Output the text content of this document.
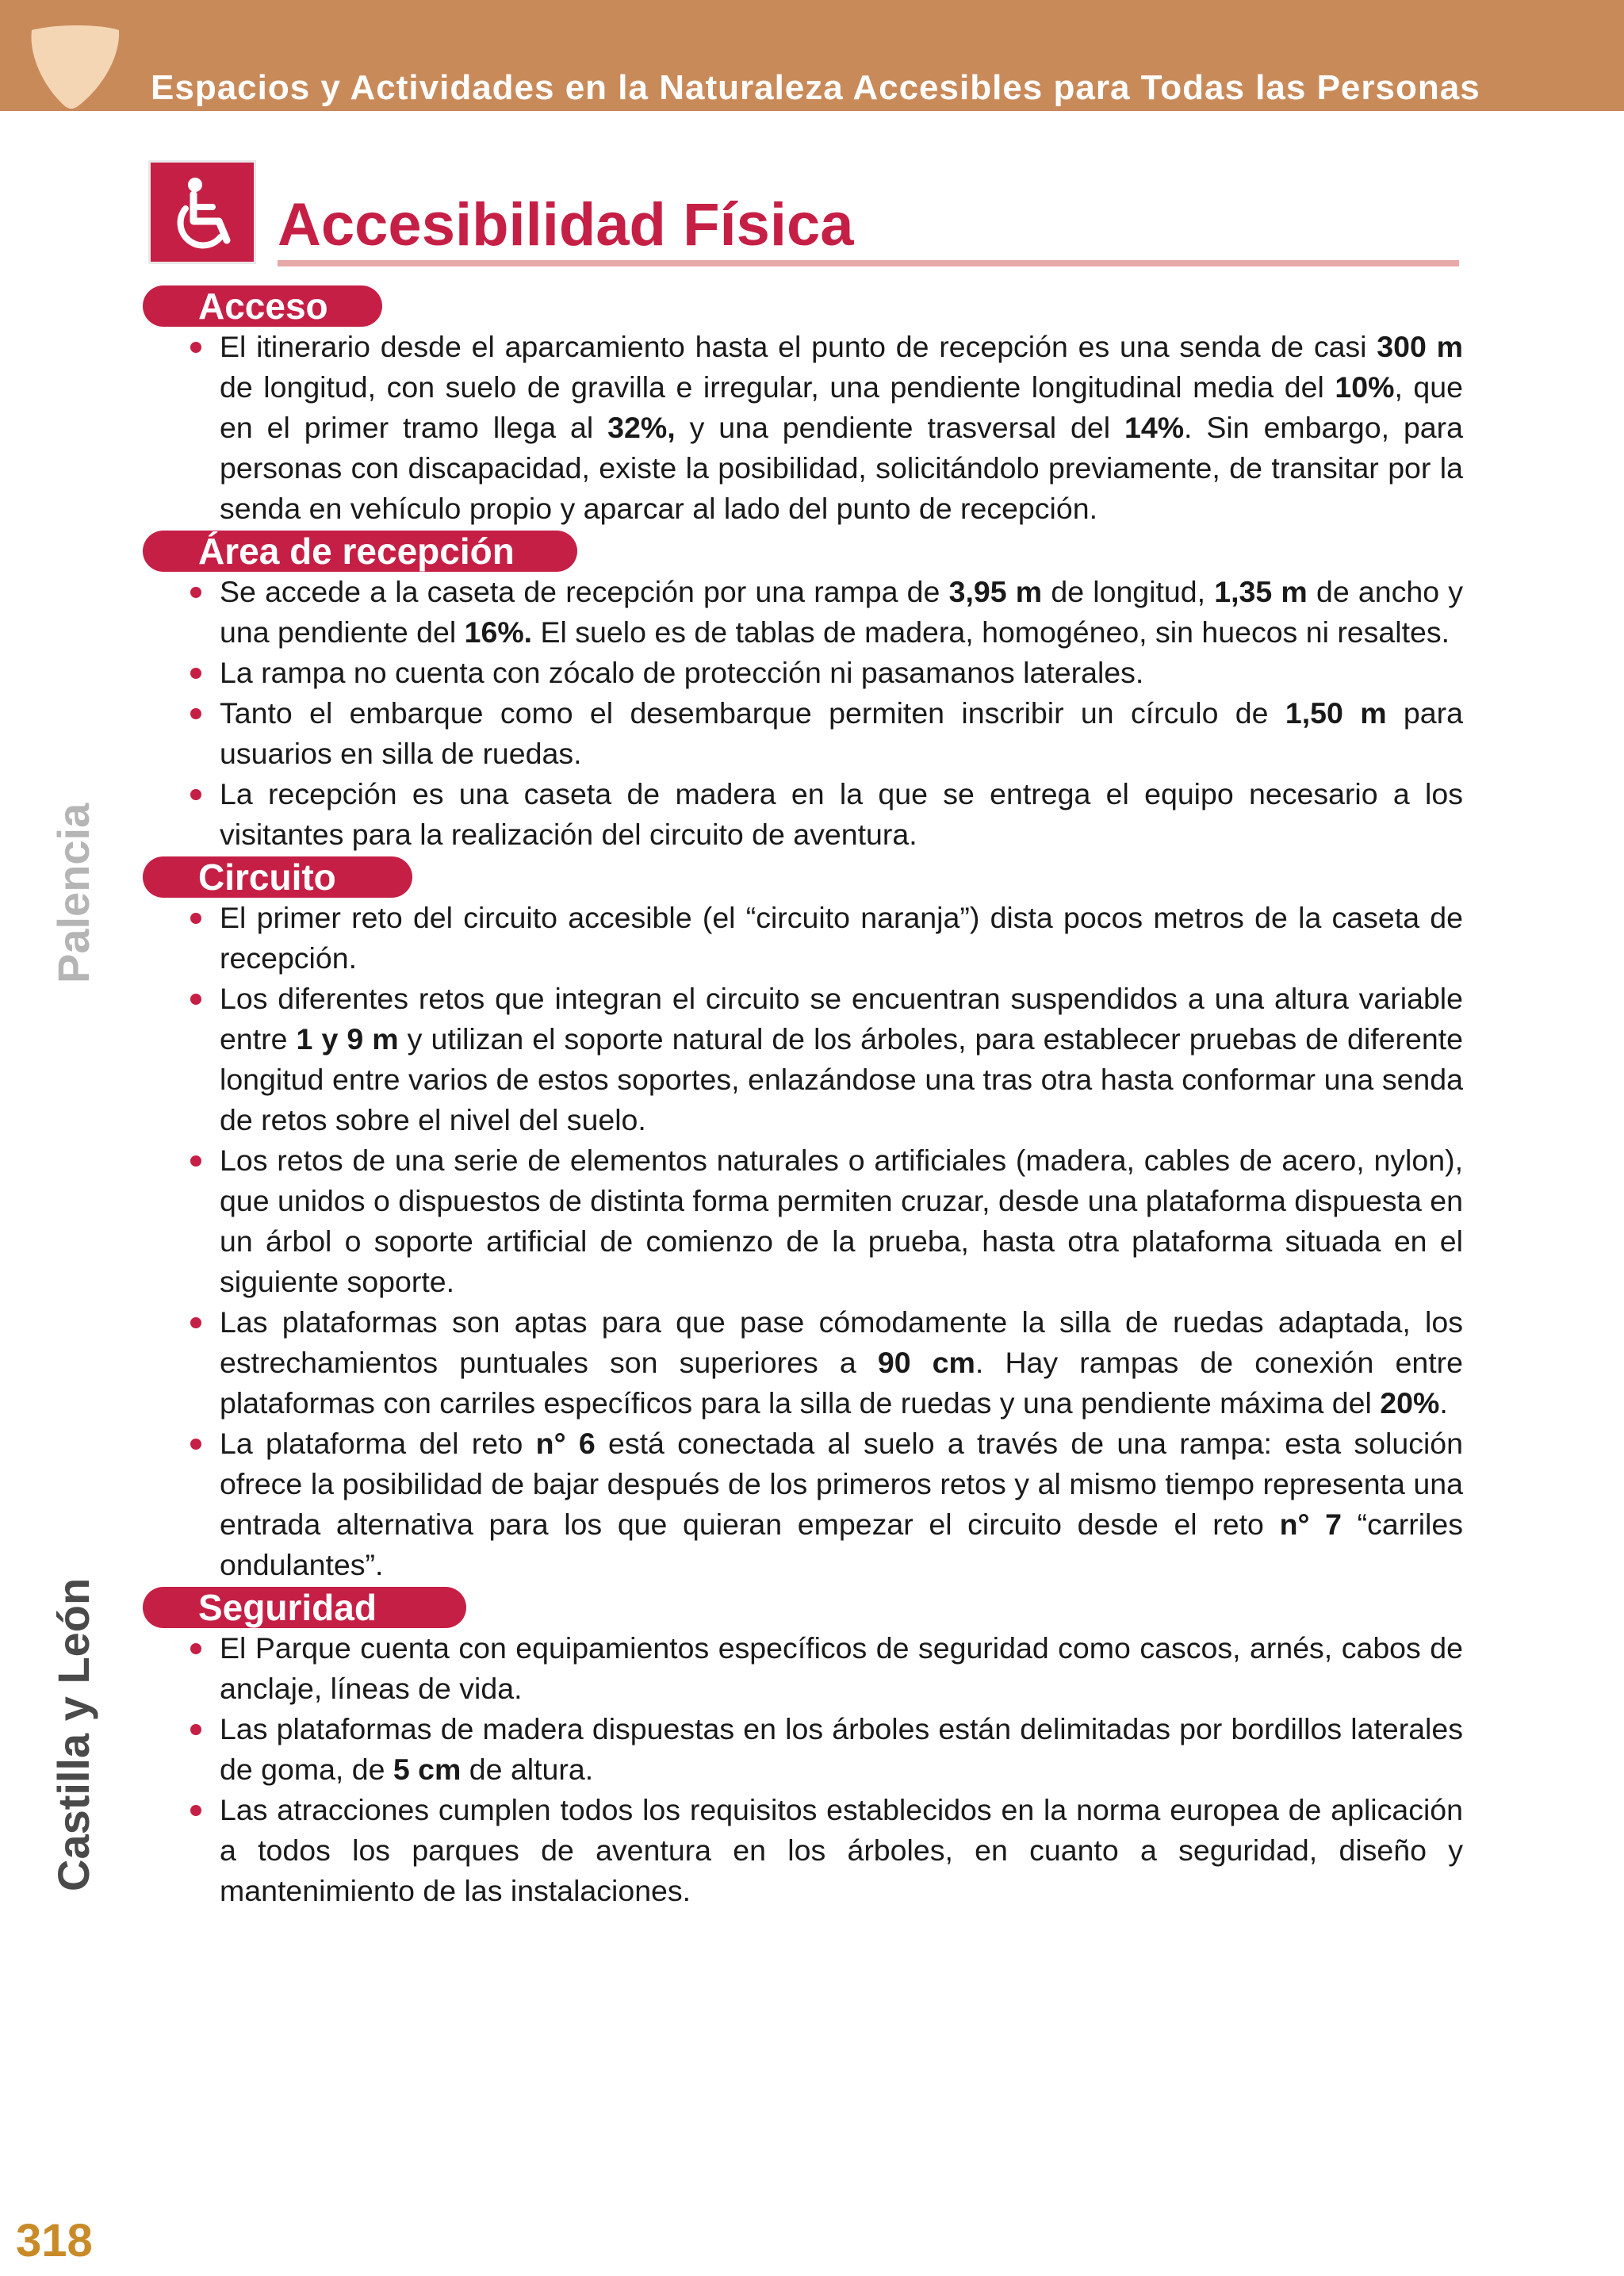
Espacios y Actividades en la Naturaleza Accesibles para Todas las Personas
Palencia
Castilla y León
Accesibilidad Física
Acceso
El itinerario desde el aparcamiento hasta el punto de recepción es una senda de casi 300 m de longitud, con suelo de gravilla e irregular, una pendiente longitudinal media del 10%, que en el primer tramo llega al 32%, y una pendiente trasversal del 14%. Sin embargo, para personas con discapacidad, existe la posibilidad, solicitándolo previamente, de transitar por la senda en vehículo propio y aparcar al lado del punto de recepción.
Área de recepción
Se accede a la caseta de recepción por una rampa de 3,95 m de longitud, 1,35 m de ancho y una pendiente del 16%. El suelo es de tablas de madera, homogéneo, sin huecos ni resaltes.
La rampa no cuenta con zócalo de protección ni pasamanos laterales.
Tanto el embarque como el desembarque permiten inscribir un círculo de 1,50 m para usuarios en silla de ruedas.
La recepción es una caseta de madera en la que se entrega el equipo necesario a los visitantes para la realización del circuito de aventura.
Circuito
El primer reto del circuito accesible (el “circuito naranja”) dista pocos metros de la caseta de recepción.
Los diferentes retos que integran el circuito se encuentran suspendidos a una altura variable entre 1 y 9 m y utilizan el soporte natural de los árboles, para establecer pruebas de diferente longitud entre varios de estos soportes, enlazándose una tras otra hasta conformar una senda de retos sobre el nivel del suelo.
Los retos de una serie de elementos naturales o artificiales (madera, cables de acero, nylon), que unidos o dispuestos de distinta forma permiten cruzar, desde una plataforma dispuesta en un árbol o soporte artificial de comienzo de la prueba, hasta otra plataforma situada en el siguiente soporte.
Las plataformas son aptas para que pase cómodamente la silla de ruedas adaptada, los estrechamientos puntuales son superiores a 90 cm. Hay rampas de conexión entre plataformas con carriles específicos para la silla de ruedas y una pendiente máxima del 20%.
La plataforma del reto n° 6 está conectada al suelo a través de una rampa: esta solución ofrece la posibilidad de bajar después de los primeros retos y al mismo tiempo representa una entrada alternativa para los que quieran empezar el circuito desde el reto n° 7 “carriles ondulantes”.
Seguridad
El Parque cuenta con equipamientos específicos de seguridad como cascos, arnés, cabos de anclaje, líneas de vida.
Las plataformas de madera dispuestas en los árboles están delimitadas por bordillos laterales de goma, de 5 cm de altura.
Las atracciones cumplen todos los requisitos establecidos en la norma europea de aplicación a todos los parques de aventura en los árboles, en cuanto a seguridad, diseño y mantenimiento de las instalaciones.
318
